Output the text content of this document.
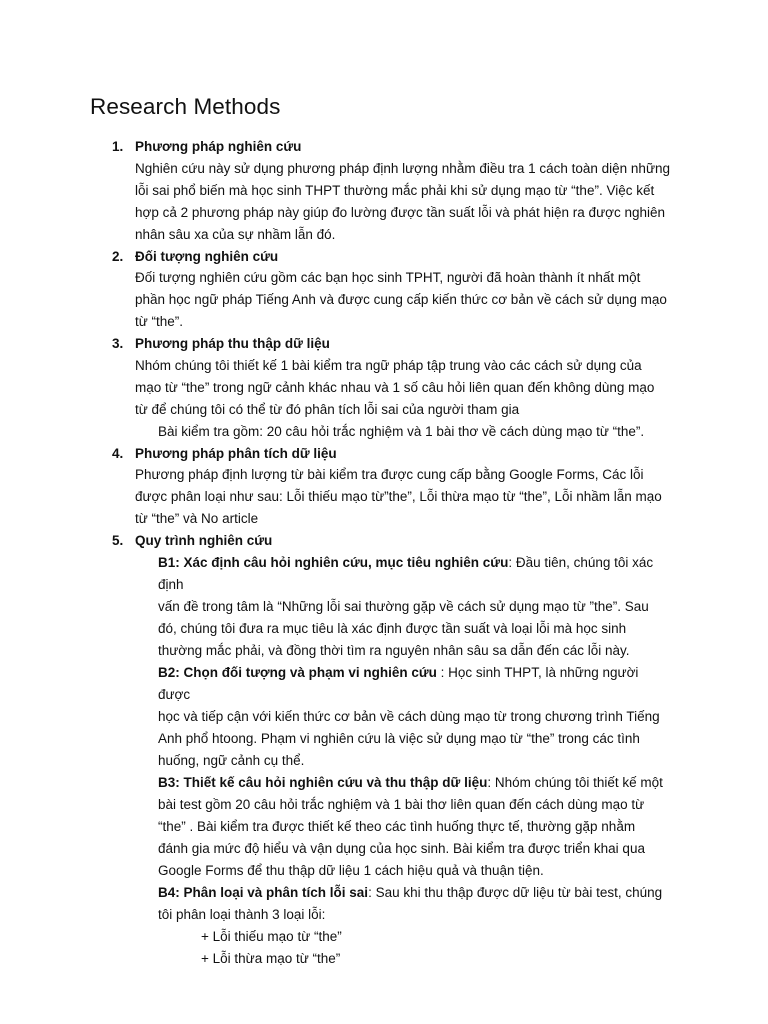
Research Methods
1. Phương pháp nghiên cứu
Nghiên cứu này sử dụng phương pháp định lượng nhằm điều tra 1 cách toàn diện những
lỗi sai phổ biến mà học sinh THPT thường mắc phải khi sử dụng mạo từ “the”. Việc kết
hợp cả 2 phương pháp này giúp đo lường được tần suất lỗi và phát hiện ra được nghiên
nhân sâu xa của sự nhầm lẫn đó.
2. Đối tượng nghiên cứu
Đối tượng nghiên cứu gồm các bạn học sinh TPHT, người đã hoàn thành ít nhất một
phần học ngữ pháp Tiếng Anh và được cung cấp kiến thức cơ bản về cách sử dụng mạo
từ “the”.
3. Phương pháp thu thập dữ liệu
Nhóm chúng tôi thiết kế 1 bài kiểm tra ngữ pháp tập trung vào các cách sử dụng của
mạo từ “the” trong ngữ cảnh khác nhau và 1 số câu hỏi liên quan đến không dùng mạo
từ để chúng tôi có thể từ đó phân tích lỗi sai của người tham gia
Bài kiểm tra gồm: 20 câu hỏi trắc nghiệm và 1 bài thơ về cách dùng mạo từ “the”.
4. Phương pháp phân tích dữ liệu
Phương pháp định lượng từ bài kiểm tra được cung cấp bằng Google Forms, Các lỗi
được phân loại như sau: Lỗi thiếu mạo từ”the”, Lỗi thừa mạo từ “the”, Lỗi nhầm lẫn mạo
từ “the” và No article
5. Quy trình nghiên cứu
B1: Xác định câu hỏi nghiên cứu, mục tiêu nghiên cứu: Đầu tiên, chúng tôi xác định
vấn đề trong tâm là “Những lỗi sai thường gặp về cách sử dụng mạo từ ”the”. Sau
đó, chúng tôi đưa ra mục tiêu là xác định được tần suất và loại lỗi mà học sinh
thường mắc phải, và đồng thời tìm ra nguyên nhân sâu sa dẫn đến các lỗi này.
B2: Chọn đối tượng và phạm vi nghiên cứu : Học sinh THPT, là những người được
học và tiếp cận với kiến thức cơ bản về cách dùng mạo từ trong chương trình Tiếng
Anh phổ htoong. Phạm vi nghiên cứu là việc sử dụng mạo từ “the” trong các tình
huống, ngữ cảnh cụ thể.
B3: Thiết kế câu hỏi nghiên cứu và thu thập dữ liệu: Nhóm chúng tôi thiết kế một
bài test gồm 20 câu hỏi trắc nghiệm và 1 bài thơ liên quan đến cách dùng mạo từ
“the” . Bài kiểm tra được thiết kế theo các tình huống thực tế, thường gặp nhằm
đánh gia mức độ hiểu và vận dụng của học sinh. Bài kiểm tra được triển khai qua
Google Forms để thu thập dữ liệu 1 cách hiệu quả và thuận tiện.
B4: Phân loại và phân tích lỗi sai: Sau khi thu thập được dữ liệu từ bài test, chúng
tôi phân loại thành 3 loại lỗi:
+ Lỗi thiếu mạo từ “the”
+ Lỗi thừa mạo từ “the”
